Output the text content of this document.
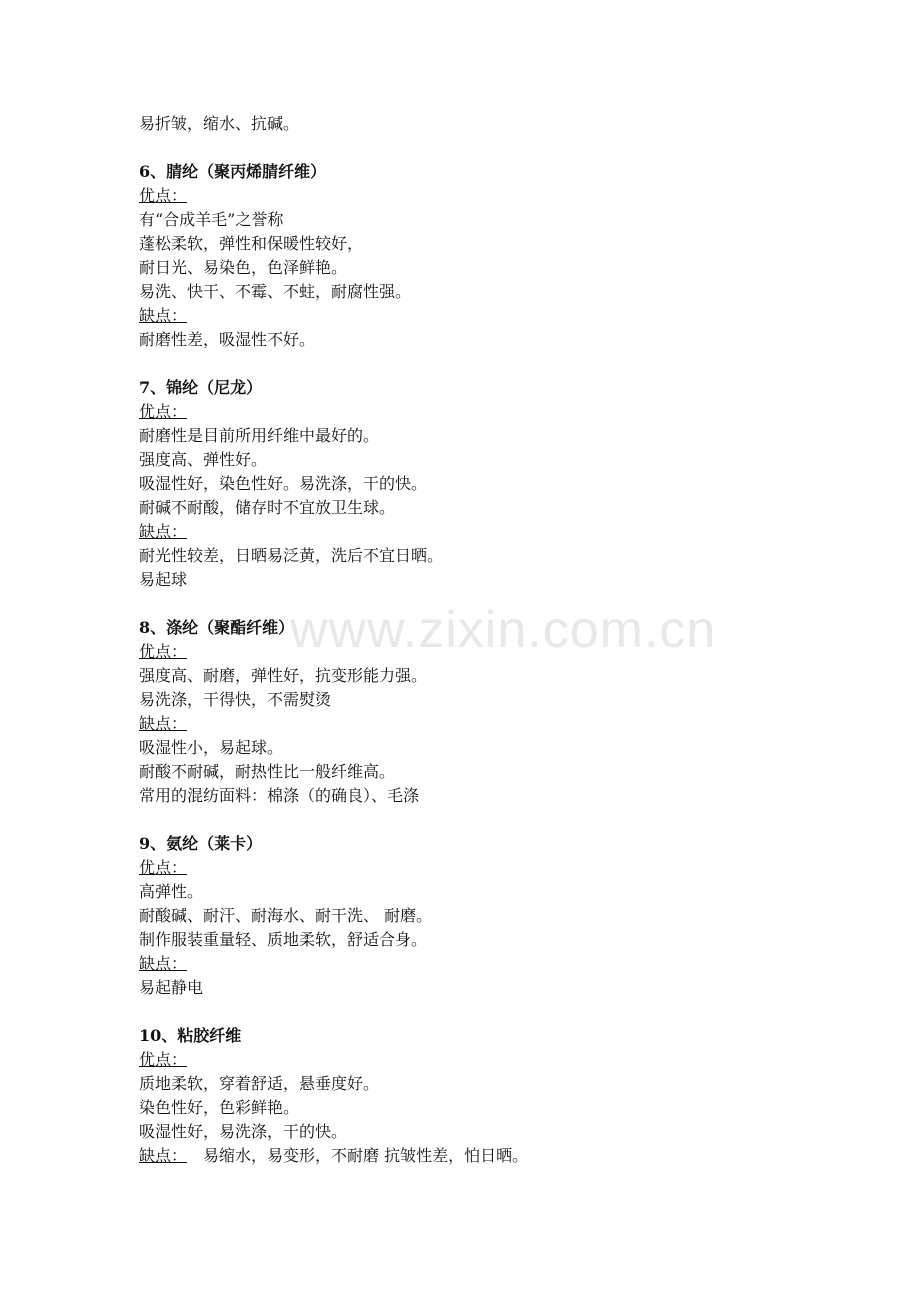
易折皱，缩水、抗碱。
6、腈纶（聚丙烯腈纤维）
优点：
有“合成羊毛”之誉称
蓬松柔软，弹性和保暖性较好，
耐日光、易染色，色泽鲜艳。
易洗、快干、不霉、不蛀，耐腐性强。
缺点：
耐磨性差，吸湿性不好。
7、锦纶（尼龙）
优点：
耐磨性是目前所用纤维中最好的。
强度高、弹性好。
吸湿性好，染色性好。易洗涤，干的快。
耐碱不耐酸，储存时不宜放卫生球。
缺点：
耐光性较差，日晒易泛黄，洗后不宜日晒。
易起球
8、涤纶（聚酯纤维）
优点：
强度高、耐磨，弹性好，抗变形能力强。
易洗涤，干得快，不需熨烫
缺点：
吸湿性小，易起球。
耐酸不耐碱，耐热性比一般纤维高。
常用的混纺面料：棉涤（的确良）、毛涤
9、氨纶（莱卡）
优点：
高弹性。
耐酸碱、耐汗、耐海水、耐干洗、 耐磨。
制作服装重量轻、质地柔软，舒适合身。
缺点：
易起静电
10、粘胶纤维
优点：
质地柔软，穿着舒适，悬垂度好。
染色性好，色彩鲜艳。
吸湿性好，易洗涤，干的快。
缺点： 易缩水，易变形，不耐磨 抗皱性差，怕日晒。
www.zixin.com.cn
